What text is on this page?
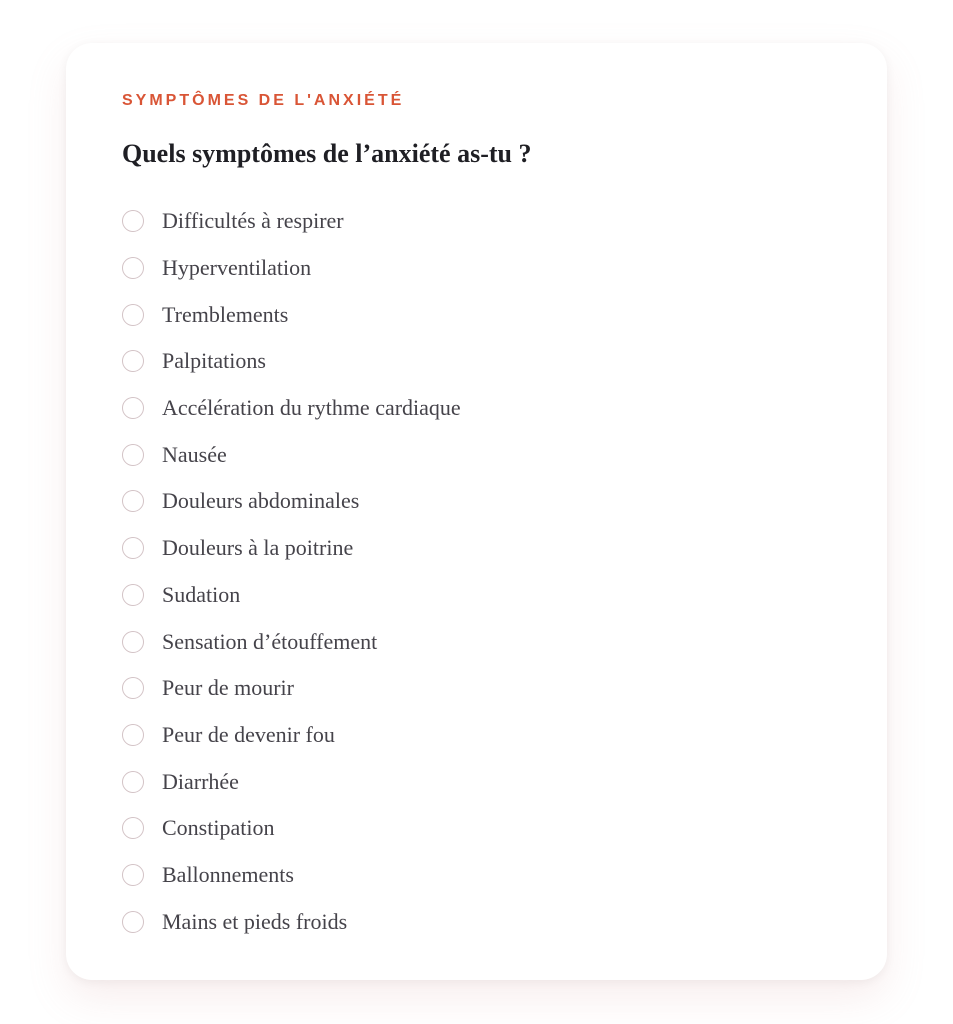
SYMPTÔMES DE L'ANXIÉTÉ

Quels symptômes de l’anxiété as-tu ?
Difficultés à respirer
Hyperventilation
Tremblements
Palpitations
Accélération du rythme cardiaque
Nausée
Douleurs abdominales
Douleurs à la poitrine
Sudation
Sensation d’étouffement
Peur de mourir
Peur de devenir fou
Diarrhée
Constipation
Ballonnements
Mains et pieds froids
